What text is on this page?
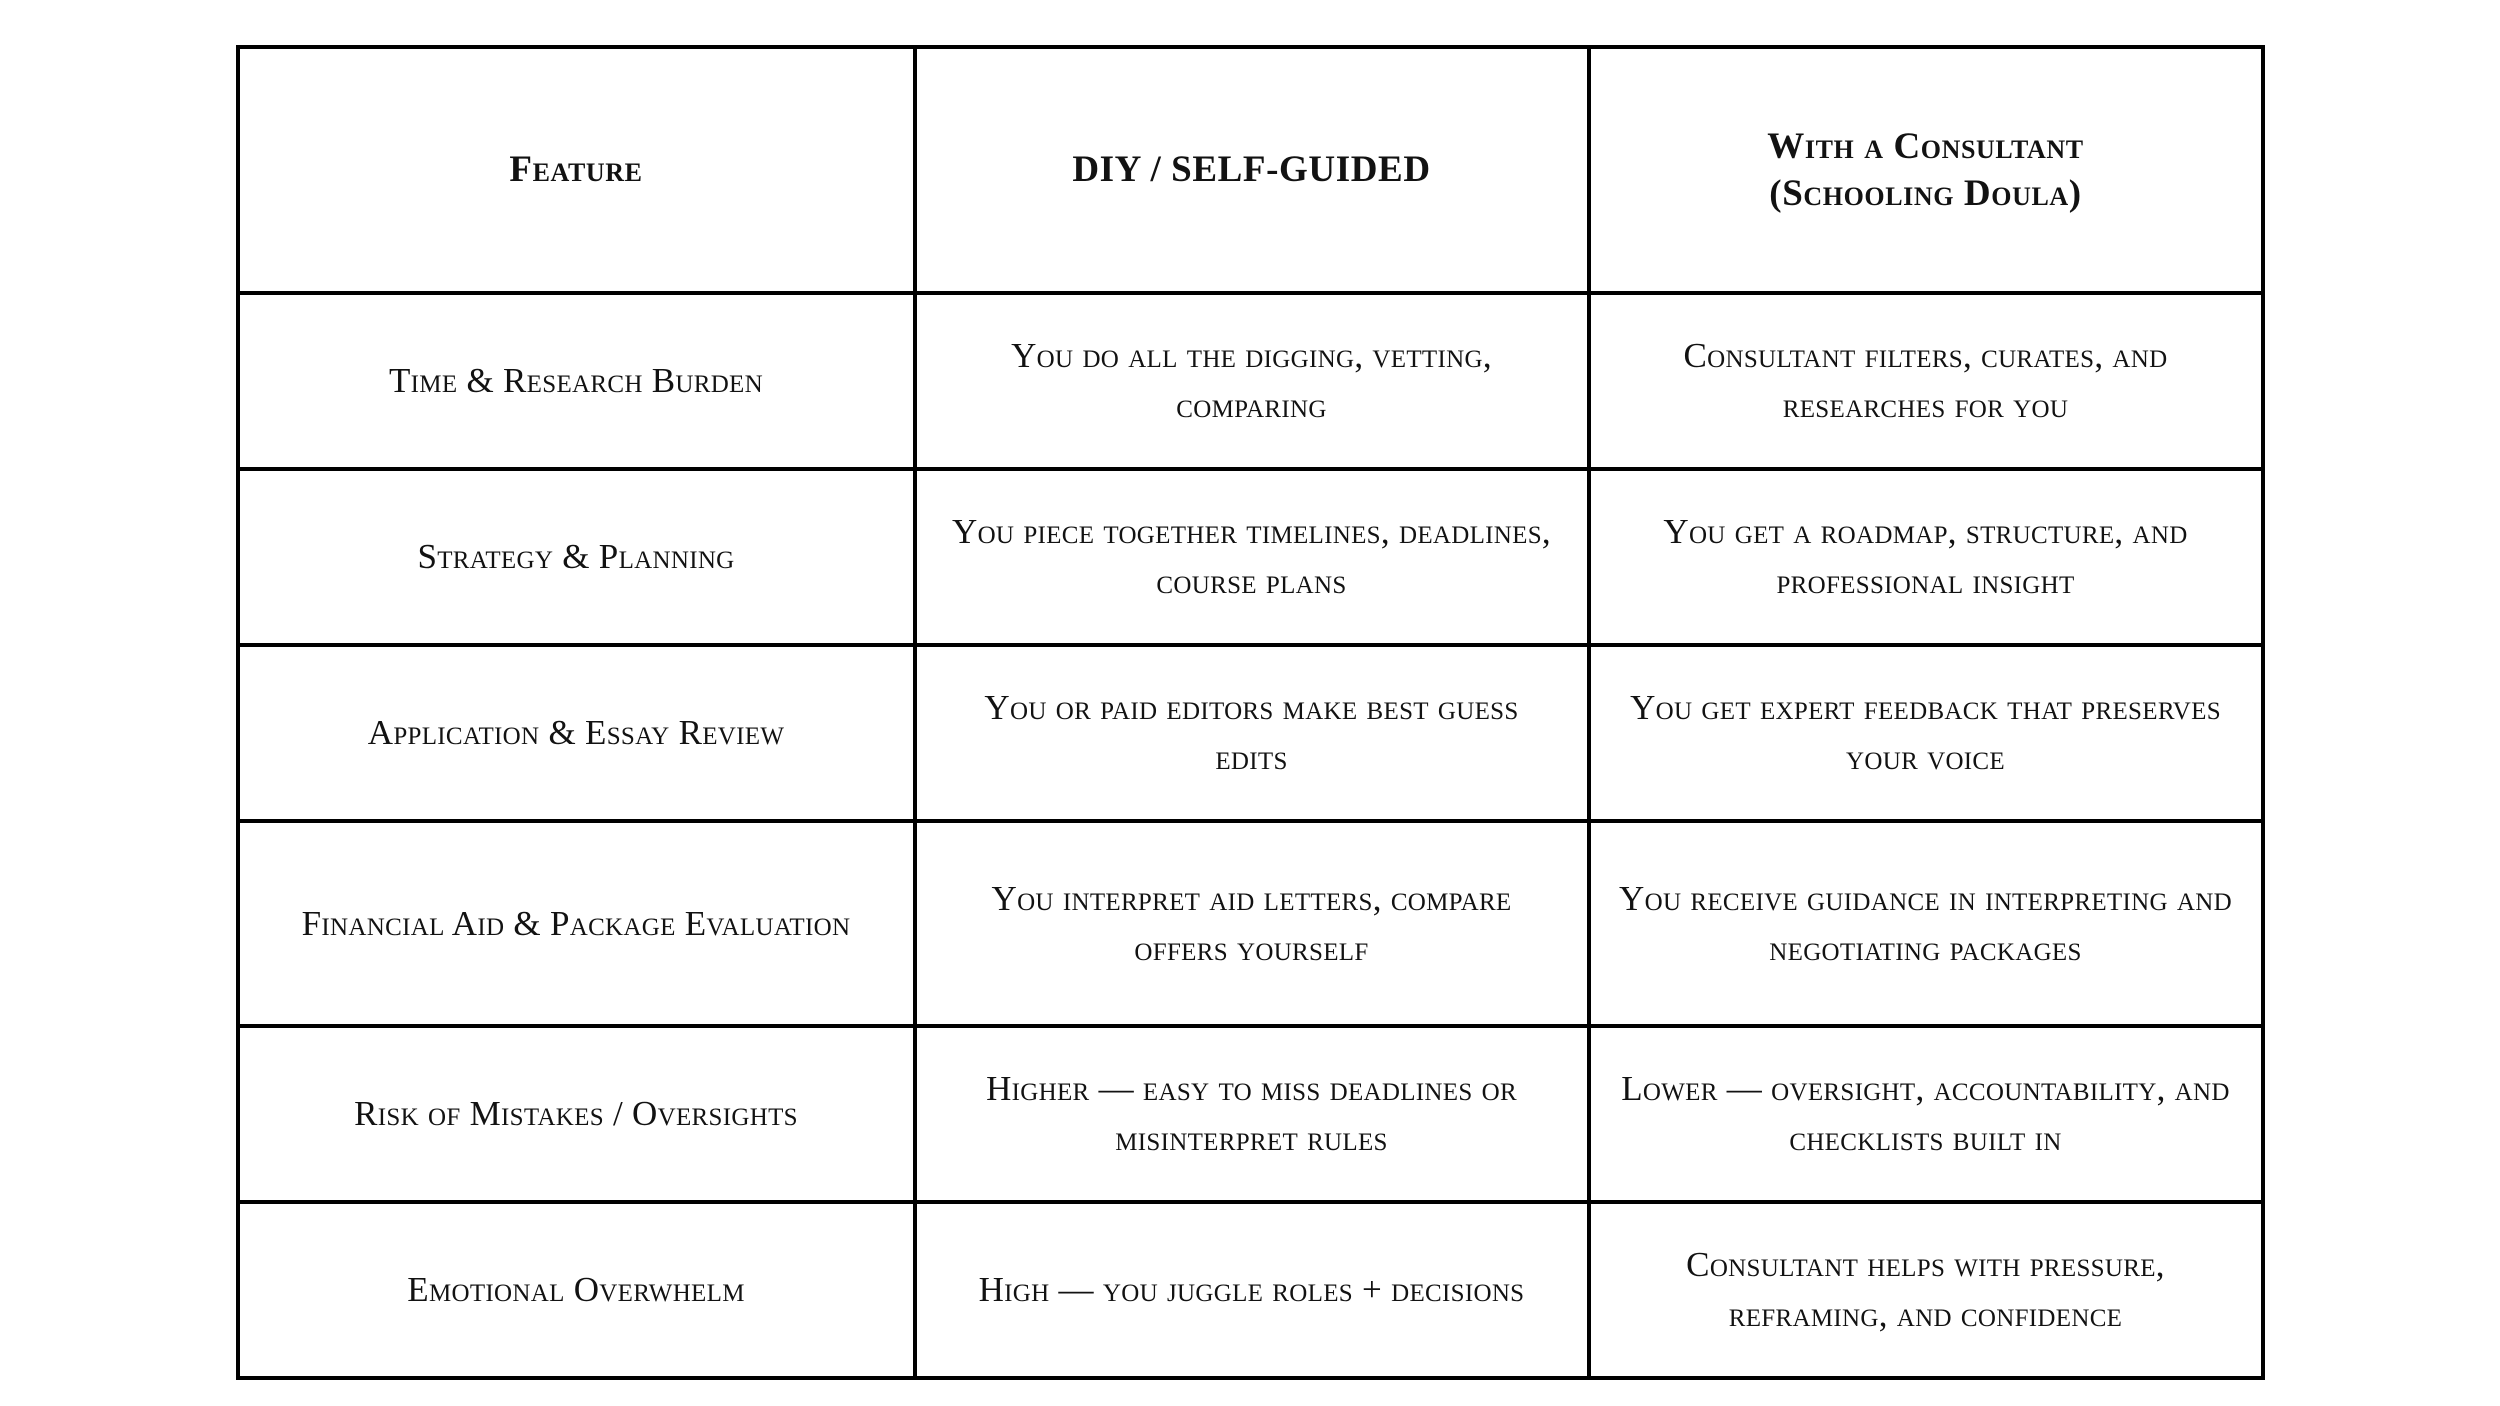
Feature	DIY / SELF-GUIDED	With a Consultant
(Schooling Doula)

Time & Research Burden	You do all the digging, vetting, comparing	Consultant filters, curates, and researches for you
Strategy & Planning	You piece together timelines, deadlines, course plans	You get a roadmap, structure, and professional insight
Application & Essay Review	You or paid editors make best guess edits	You get expert feedback that preserves your voice
Financial Aid & Package Evaluation	You interpret aid letters, compare offers yourself	You receive guidance in interpreting and negotiating packages
Risk of Mistakes / Oversights	Higher — easy to miss deadlines or misinterpret rules	Lower — oversight, accountability, and checklists built in
Emotional Overwhelm	High — you juggle roles + decisions	Consultant helps with pressure, reframing, and confidence
